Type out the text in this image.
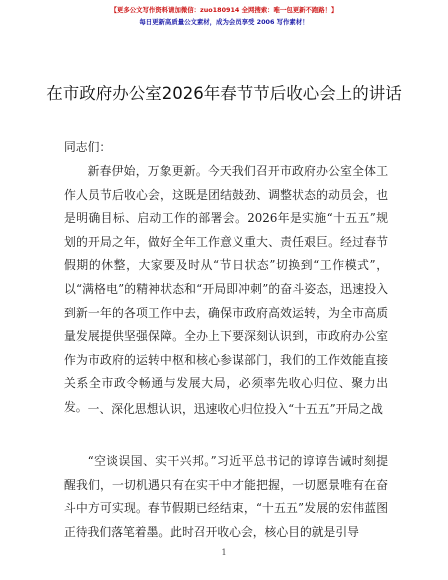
【更多公文写作资料请加微信：zuo180914 全网搜索：唯一包更新不跑路！】
每日更新高质量公文素材，成为会员享受 2006 写作素材！
在市政府办公室2026年春节节后收心会上的讲话

同志们：

新春伊始，万象更新。今天我们召开市政府办公室全体工作人员节后收心会，这既是团结鼓劲、调整状态的动员会，也是明确目标、启动工作的部署会。2026年是实施“十五五”规划的开局之年，做好全年工作意义重大、责任艰巨。经过春节假期的休整，大家要及时从“节日状态”切换到“工作模式”，以“满格电”的精神状态和“开局即冲刺”的奋斗姿态，迅速投入到新一年的各项工作中去，确保市政府高效运转，为全市高质量发展提供坚强保障。全办上下要深刻认识到，市政府办公室作为市政府的运转中枢和核心参谋部门，我们的工作效能直接关系全市政令畅通与发展大局，必须率先收心归位、聚力出发。 一、深化思想认识，迅速收心归位投入“十五五”开局之战

“空谈误国、实干兴邦。”习近平总书记的谆谆告诫时刻提醒我们，一切机遇只有在实干中才能把握，一切愿景唯有在奋斗中方可实现。春节假期已经结束，“十五五”发展的宏伟蓝图正待我们落笔着墨。此时召开收心会，核心目的就是引导

1
